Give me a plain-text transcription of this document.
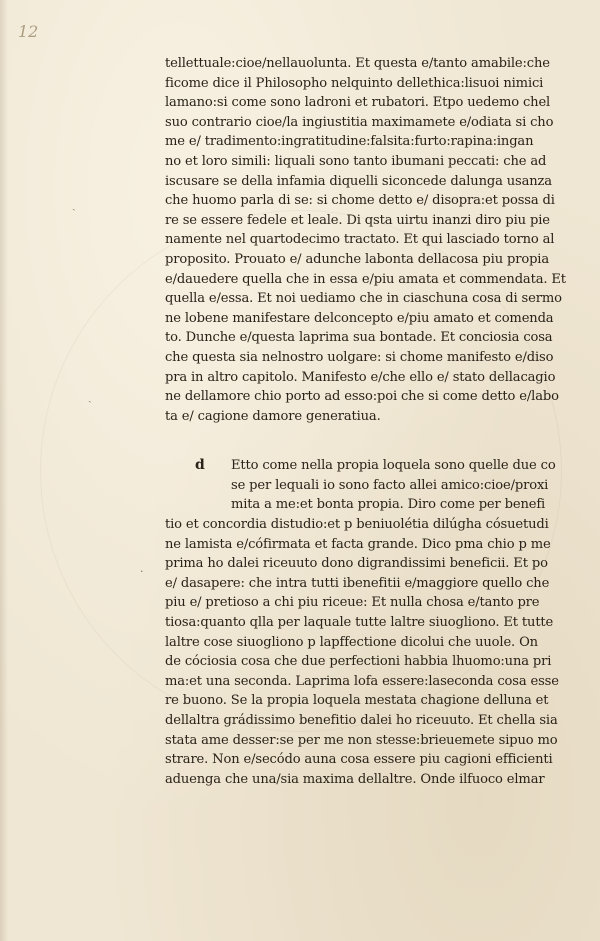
12
ˎ
ˎ
·
tellettuale:cioe/nellauolunta. Et questa e/tanto amabile:che
ficome dice il Philosopho nelquinto dellethica:lisuoi nimici
lamano:si come sono ladroni et rubatori. Etpo uedemo chel
suo contrario cioe/la ingiustitia maximamete e/odiata si cho
me e/ tradimento:ingratitudine:falsita:furto:rapina:ingan
no et loro simili: liquali sono tanto ibumani peccati: che ad
iscusare se della infamia diquelli siconcede dalunga usanza
che huomo parla di se: si chome detto e/ disopra:et possa di
re se essere fedele et leale. Di qsta uirtu inanzi diro piu pie
namente nel quartodecimo tractato. Et qui lasciado torno al
proposito. Prouato e/ adunche labonta dellacosa piu propia
e/dauedere quella che in essa e/piu amata et commendata. Et
quella e/essa. Et noi uediamo che in ciaschuna cosa di sermo
ne lobene manifestare delconcepto e/piu amato et comenda
to. Dunche e/questa laprima sua bontade. Et conciosia cosa
che questa sia nelnostro uolgare: si chome manifesto e/diso
pra in altro capitolo. Manifesto e/che ello e/ stato dellacagio
ne dellamore chio porto ad esso:poi che si come detto e/labo
ta e/ cagione damore generatiua.
d Etto come nella propia loquela sono quelle due co
se per lequali io sono facto allei amico:cioe/proxi
mita a me:et bonta propia. Diro come per benefi
tio et concordia distudio:et p beniuolétia dilúgha cósuetudi
ne lamista e/cófirmata et facta grande. Dico pma chio p me
prima ho dalei riceuuto dono digrandissimi beneficii. Et po
e/ dasapere: che intra tutti ibenefitii e/maggiore quello che
piu e/ pretioso a chi piu riceue: Et nulla chosa e/tanto pre
tiosa:quanto qlla per laquale tutte laltre siuogliono. Et tutte
laltre cose siuogliono p lapffectione dicolui che uuole. On
de cóciosia cosa che due perfectioni habbia lhuomo:una pri
ma:et una seconda. Laprima lofa essere:laseconda cosa esse
re buono. Se la propia loquela mestata chagione delluna et
dellaltra grádissimo benefitio dalei ho riceuuto. Et chella sia
stata ame desser:se per me non stesse:brieuemete sipuo mo
strare. Non e/secódo auna cosa essere piu cagioni efficienti
aduenga che una/sia maxima dellaltre. Onde ilfuoco elmar
